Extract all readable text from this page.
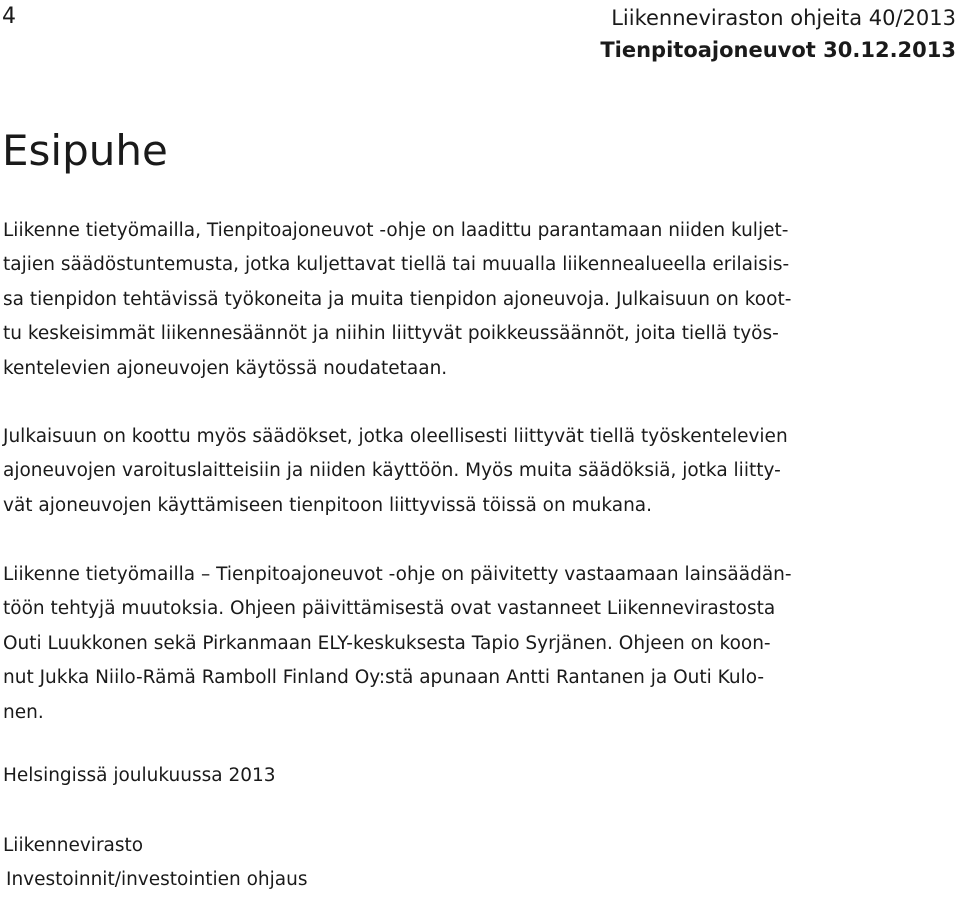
4	Liikenneviraston ohjeita 40/2013
Tienpitoajoneuvot 30.12.2013
Esipuhe
Liikenne tietyömailla, Tienpitoajoneuvot -ohje on laadittu parantamaan niiden kuljet-
tajien säädöstuntemusta, jotka kuljettavat tiellä tai muualla liikennealueella erilaisis-
sa tienpidon tehtävissä työkoneita ja muita tienpidon ajoneuvoja. Julkaisuun on koot-
tu keskeisimmät liikennesäännöt ja niihin liittyvät poikkeussäännöt, joita tiellä työs-
kentelevien ajoneuvojen käytössä noudatetaan.
Julkaisuun on koottu myös säädökset, jotka oleellisesti liittyvät tiellä työskentelevien
ajoneuvojen varoituslaitteisiin ja niiden käyttöön. Myös muita säädöksiä, jotka liitty-
vät ajoneuvojen käyttämiseen tienpitoon liittyvissä töissä on mukana.
Liikenne tietyömailla – Tienpitoajoneuvot -ohje on päivitetty vastaamaan lainsäädän-
töön tehtyjä muutoksia. Ohjeen päivittämisestä ovat vastanneet Liikennevirastosta
Outi Luukkonen sekä Pirkanmaan ELY-keskuksesta Tapio Syrjänen. Ohjeen on koon-
nut Jukka Niilo-Rämä Ramboll Finland Oy:stä apunaan Antti Rantanen ja Outi Kulo-
nen.
Helsingissä joulukuussa 2013
Liikennevirasto
Investoinnit/investointien ohjaus
